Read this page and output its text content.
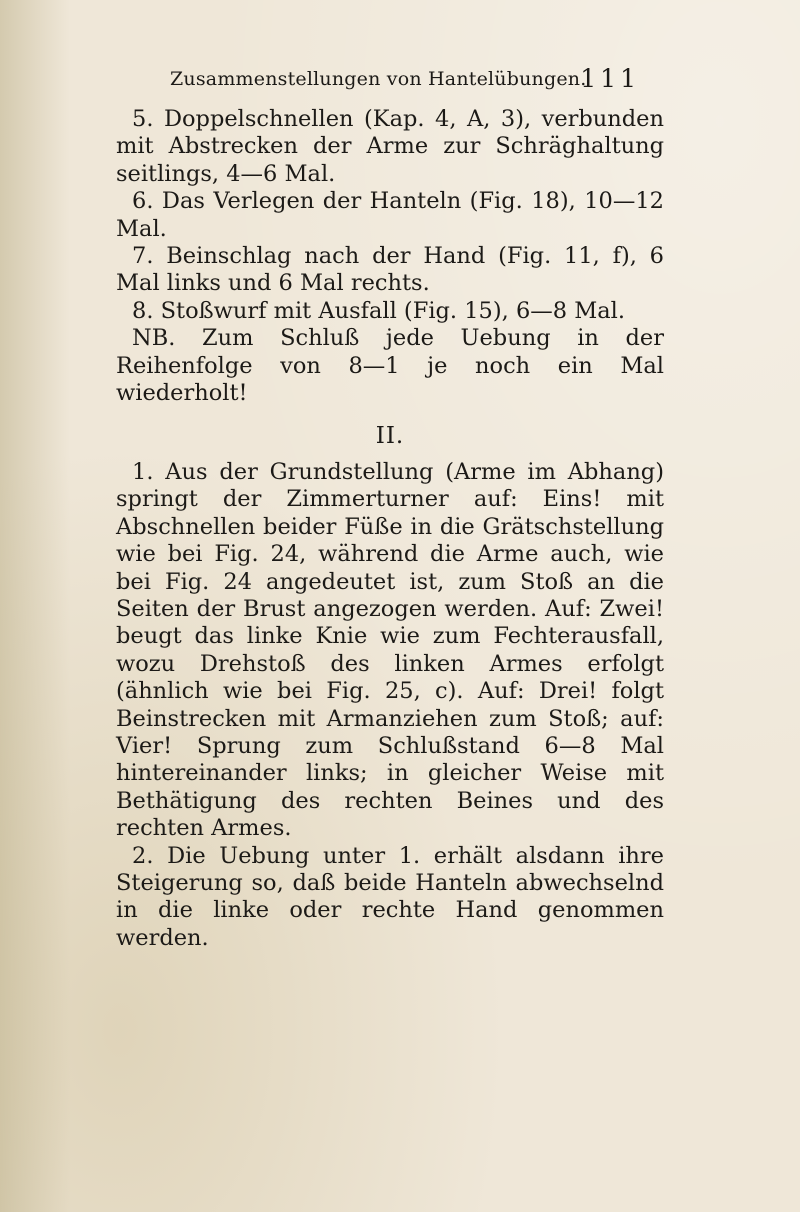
Zusammenstellungen von Hantelübungen.
111

5. Doppelschnellen (Kap. 4, A, 3), verbunden mit Abstrecken der Arme zur Schräghaltung seitlings, 4—6 Mal.

6. Das Verlegen der Hanteln (Fig. 18), 10—12 Mal.

7. Beinschlag nach der Hand (Fig. 11, f), 6 Mal links und 6 Mal rechts.

8. Stoßwurf mit Ausfall (Fig. 15), 6—8 Mal.

NB. Zum Schluß jede Uebung in der Reihenfolge von 8—1 je noch ein Mal wiederholt!

II.

1. Aus der Grundstellung (Arme im Abhang) springt der Zimmerturner auf: Eins! mit Abschnellen beider Füße in die Grätschstellung wie bei Fig. 24, während die Arme auch, wie bei Fig. 24 angedeutet ist, zum Stoß an die Seiten der Brust angezogen werden. Auf: Zwei! beugt das linke Knie wie zum Fechterausfall, wozu Drehstoß des linken Armes erfolgt (ähnlich wie bei Fig. 25, c). Auf: Drei! folgt Beinstrecken mit Armanziehen zum Stoß; auf: Vier! Sprung zum Schlußstand 6—8 Mal hintereinander links; in gleicher Weise mit Bethätigung des rechten Beines und des rechten Armes.

2. Die Uebung unter 1. erhält alsdann ihre Steigerung so, daß beide Hanteln abwechselnd in die linke oder rechte Hand genommen werden.
